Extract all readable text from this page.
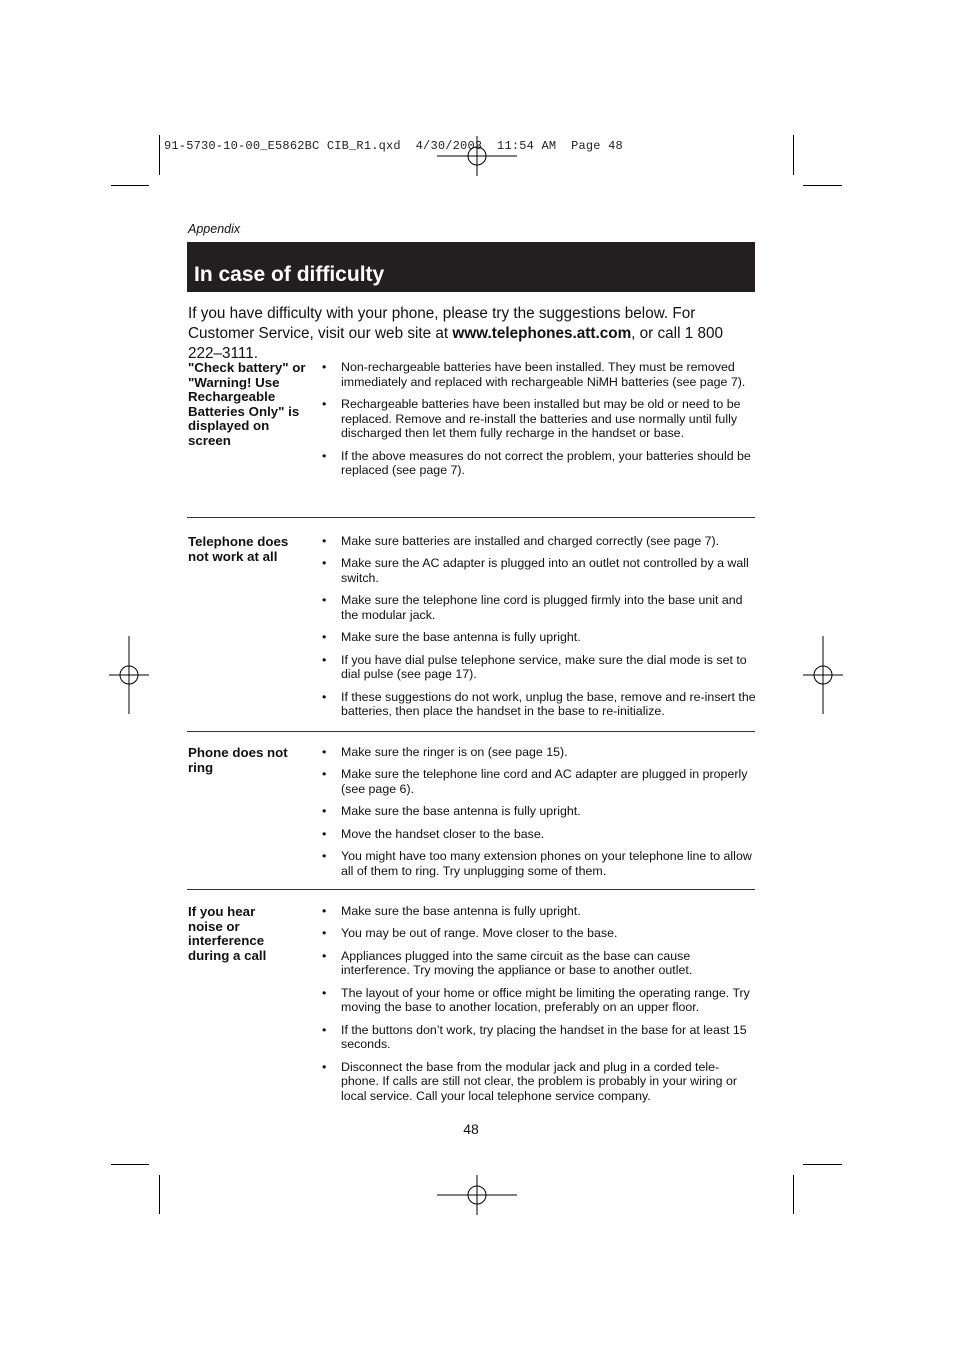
91-5730-10-00_E5862BC CIB_R1.qxd  4/30/2003  11:54 AM  Page 48
Appendix
In case of difficulty
If you have difficulty with your phone, please try the suggestions below. For Customer Service, visit our web site at www.telephones.att.com, or call 1 800 222–3111.
"Check battery" or "Warning! Use Rechargeable Batteries Only" is displayed on screen
• Non-rechargeable batteries have been installed. They must be removed immediately and replaced with rechargeable NiMH batteries (see page 7).
• Rechargeable batteries have been installed but may be old or need to be replaced. Remove and re-install the batteries and use normally until fully discharged then let them fully recharge in the handset or base.
• If the above measures do not correct the problem, your batteries should be replaced (see page 7).
Telephone does not work at all
• Make sure batteries are installed and charged correctly (see page 7).
• Make sure the AC adapter is plugged into an outlet not controlled by a wall switch.
• Make sure the telephone line cord is plugged firmly into the base unit and the modular jack.
• Make sure the base antenna is fully upright.
• If you have dial pulse telephone service, make sure the dial mode is set to dial pulse (see page 17).
• If these suggestions do not work, unplug the base, remove and re-insert the batteries, then place the handset in the base to re-initialize.
Phone does not ring
• Make sure the ringer is on (see page 15).
• Make sure the telephone line cord and AC adapter are plugged in properly (see page 6).
• Make sure the base antenna is fully upright.
• Move the handset closer to the base.
• You might have too many extension phones on your telephone line to allow all of them to ring. Try unplugging some of them.
If you hear noise or interference during a call
• Make sure the base antenna is fully upright.
• You may be out of range. Move closer to the base.
• Appliances plugged into the same circuit as the base can cause interference. Try moving the appliance or base to another outlet.
• The layout of your home or office might be limiting the operating range. Try moving the base to another location, preferably on an upper floor.
• If the buttons don’t work, try placing the handset in the base for at least 15 seconds.
• Disconnect the base from the modular jack and plug in a corded tele-phone. If calls are still not clear, the problem is probably in your wiring or local service. Call your local telephone service company.
48
